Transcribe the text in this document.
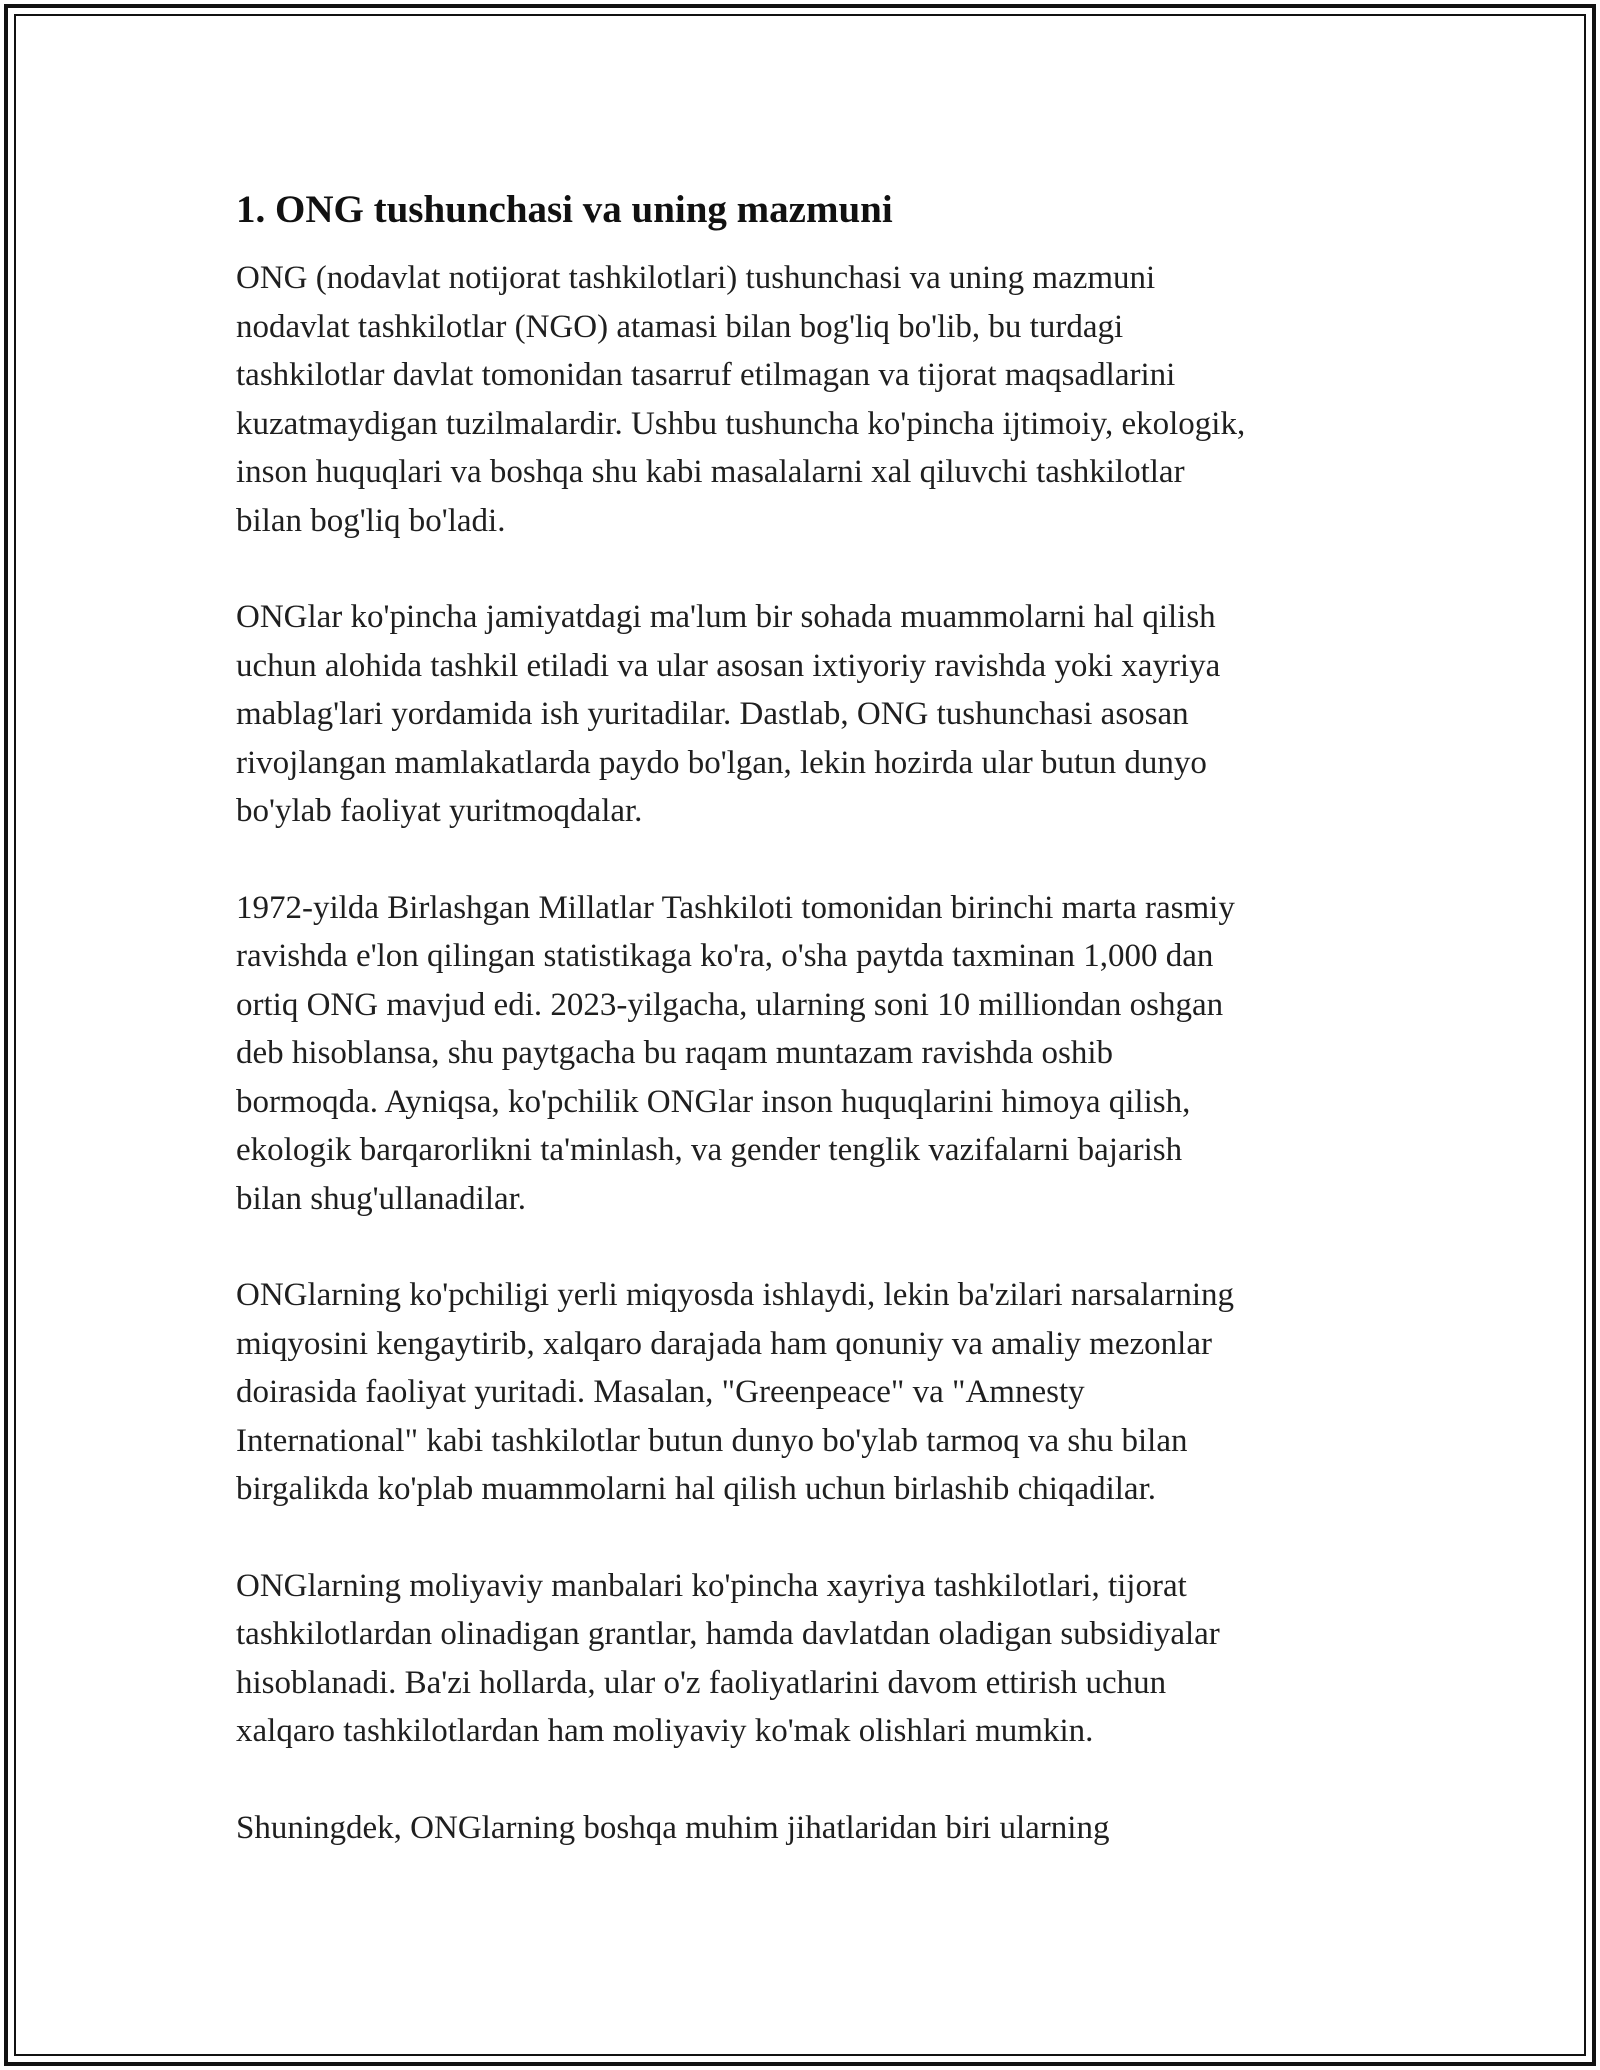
1. ONG tushunchasi va uning mazmuni

ONG (nodavlat notijorat tashkilotlari) tushunchasi va uning mazmuni
nodavlat tashkilotlar (NGO) atamasi bilan bog'liq bo'lib, bu turdagi
tashkilotlar davlat tomonidan tasarruf etilmagan va tijorat maqsadlarini
kuzatmaydigan tuzilmalardir. Ushbu tushuncha ko'pincha ijtimoiy, ekologik,
inson huquqlari va boshqa shu kabi masalalarni xal qiluvchi tashkilotlar
bilan bog'liq bo'ladi.

ONGlar ko'pincha jamiyatdagi ma'lum bir sohada muammolarni hal qilish
uchun alohida tashkil etiladi va ular asosan ixtiyoriy ravishda yoki xayriya
mablag'lari yordamida ish yuritadilar. Dastlab, ONG tushunchasi asosan
rivojlangan mamlakatlarda paydo bo'lgan, lekin hozirda ular butun dunyo
bo'ylab faoliyat yuritmoqdalar.

1972-yilda Birlashgan Millatlar Tashkiloti tomonidan birinchi marta rasmiy
ravishda e'lon qilingan statistikaga ko'ra, o'sha paytda taxminan 1,000 dan
ortiq ONG mavjud edi. 2023-yilgacha, ularning soni 10 milliondan oshgan
deb hisoblansa, shu paytgacha bu raqam muntazam ravishda oshib
bormoqda. Ayniqsa, ko'pchilik ONGlar inson huquqlarini himoya qilish,
ekologik barqarorlikni ta'minlash, va gender tenglik vazifalarni bajarish
bilan shug'ullanadilar.

ONGlarning ko'pchiligi yerli miqyosda ishlaydi, lekin ba'zilari narsalarning
miqyosini kengaytirib, xalqaro darajada ham qonuniy va amaliy mezonlar
doirasida faoliyat yuritadi. Masalan, "Greenpeace" va "Amnesty
International" kabi tashkilotlar butun dunyo bo'ylab tarmoq va shu bilan
birgalikda ko'plab muammolarni hal qilish uchun birlashib chiqadilar.

ONGlarning moliyaviy manbalari ko'pincha xayriya tashkilotlari, tijorat
tashkilotlardan olinadigan grantlar, hamda davlatdan oladigan subsidiyalar
hisoblanadi. Ba'zi hollarda, ular o'z faoliyatlarini davom ettirish uchun
xalqaro tashkilotlardan ham moliyaviy ko'mak olishlari mumkin.

Shuningdek, ONGlarning boshqa muhim jihatlaridan biri ularning
